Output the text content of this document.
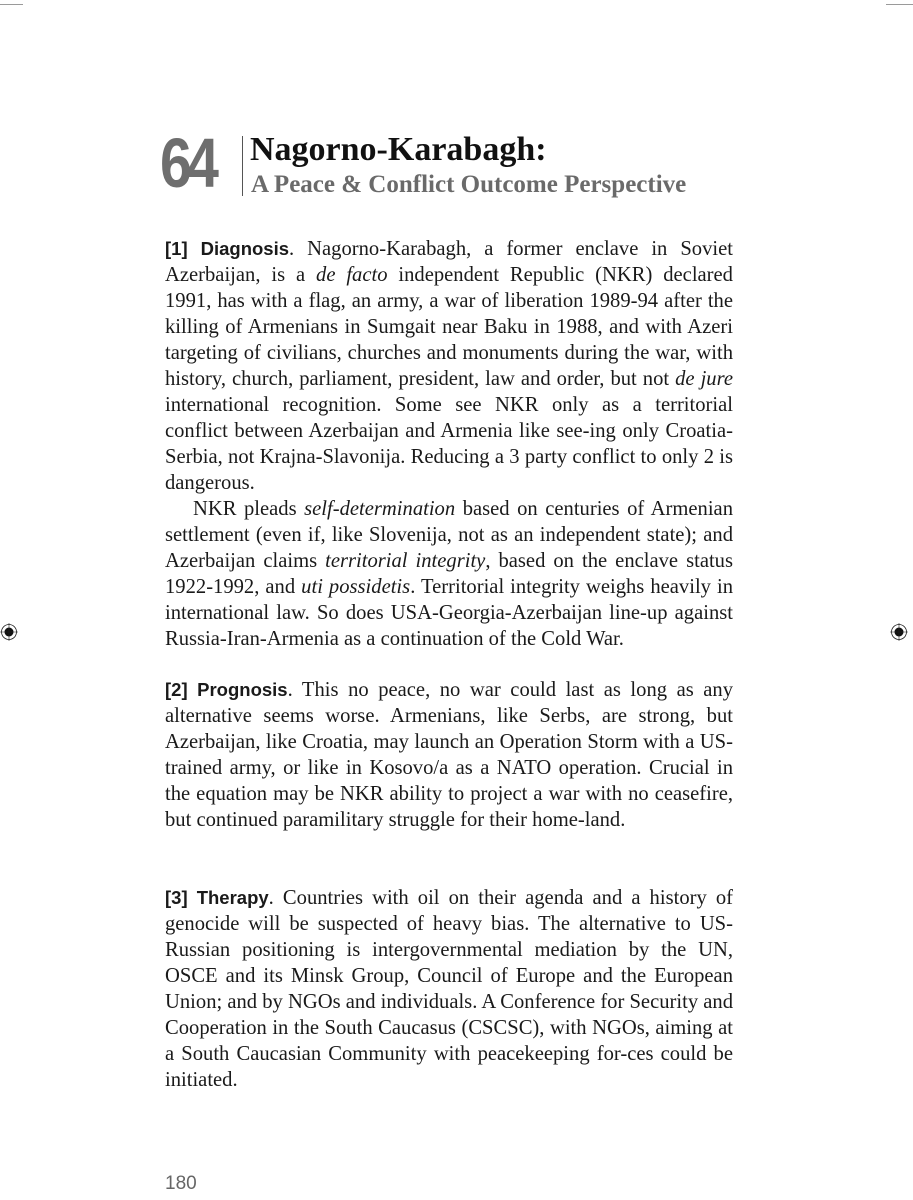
64 Nagorno-Karabagh:
A Peace & Conflict Outcome Perspective

[1] Diagnosis. Nagorno-Karabagh, a former enclave in Soviet Azerbaijan, is a de facto independent Republic (NKR) declared 1991, has with a flag, an army, a war of liberation 1989-94 after the killing of Armenians in Sumgait near Baku in 1988, and with Azeri targeting of civilians, churches and monuments during the war, with history, church, parliament, president, law and order, but not de jure international recognition. Some see NKR only as a territorial conflict between Azerbaijan and Armenia like see-ing only Croatia-Serbia, not Krajna-Slavonija. Reducing a 3 party conflict to only 2 is dangerous.

NKR pleads self-determination based on centuries of Armenian settlement (even if, like Slovenija, not as an independent state); and Azerbaijan claims territorial integrity, based on the enclave status 1922-1992, and uti possidetis. Territorial integrity weighs heavily in international law. So does USA-Georgia-Azerbaijan line-up against Russia-Iran-Armenia as a continuation of the Cold War.

[2] Prognosis. This no peace, no war could last as long as any alternative seems worse. Armenians, like Serbs, are strong, but Azerbaijan, like Croatia, may launch an Operation Storm with a US-trained army, or like in Kosovo/a as a NATO operation. Crucial in the equation may be NKR ability to project a war with no ceasefire, but continued paramilitary struggle for their home-land.

[3] Therapy. Countries with oil on their agenda and a history of genocide will be suspected of heavy bias. The alternative to US-Russian positioning is intergovernmental mediation by the UN, OSCE and its Minsk Group, Council of Europe and the European Union; and by NGOs and individuals. A Conference for Security and Cooperation in the South Caucasus (CSCSC), with NGOs, aiming at a South Caucasian Community with peacekeeping for-ces could be initiated.

180
